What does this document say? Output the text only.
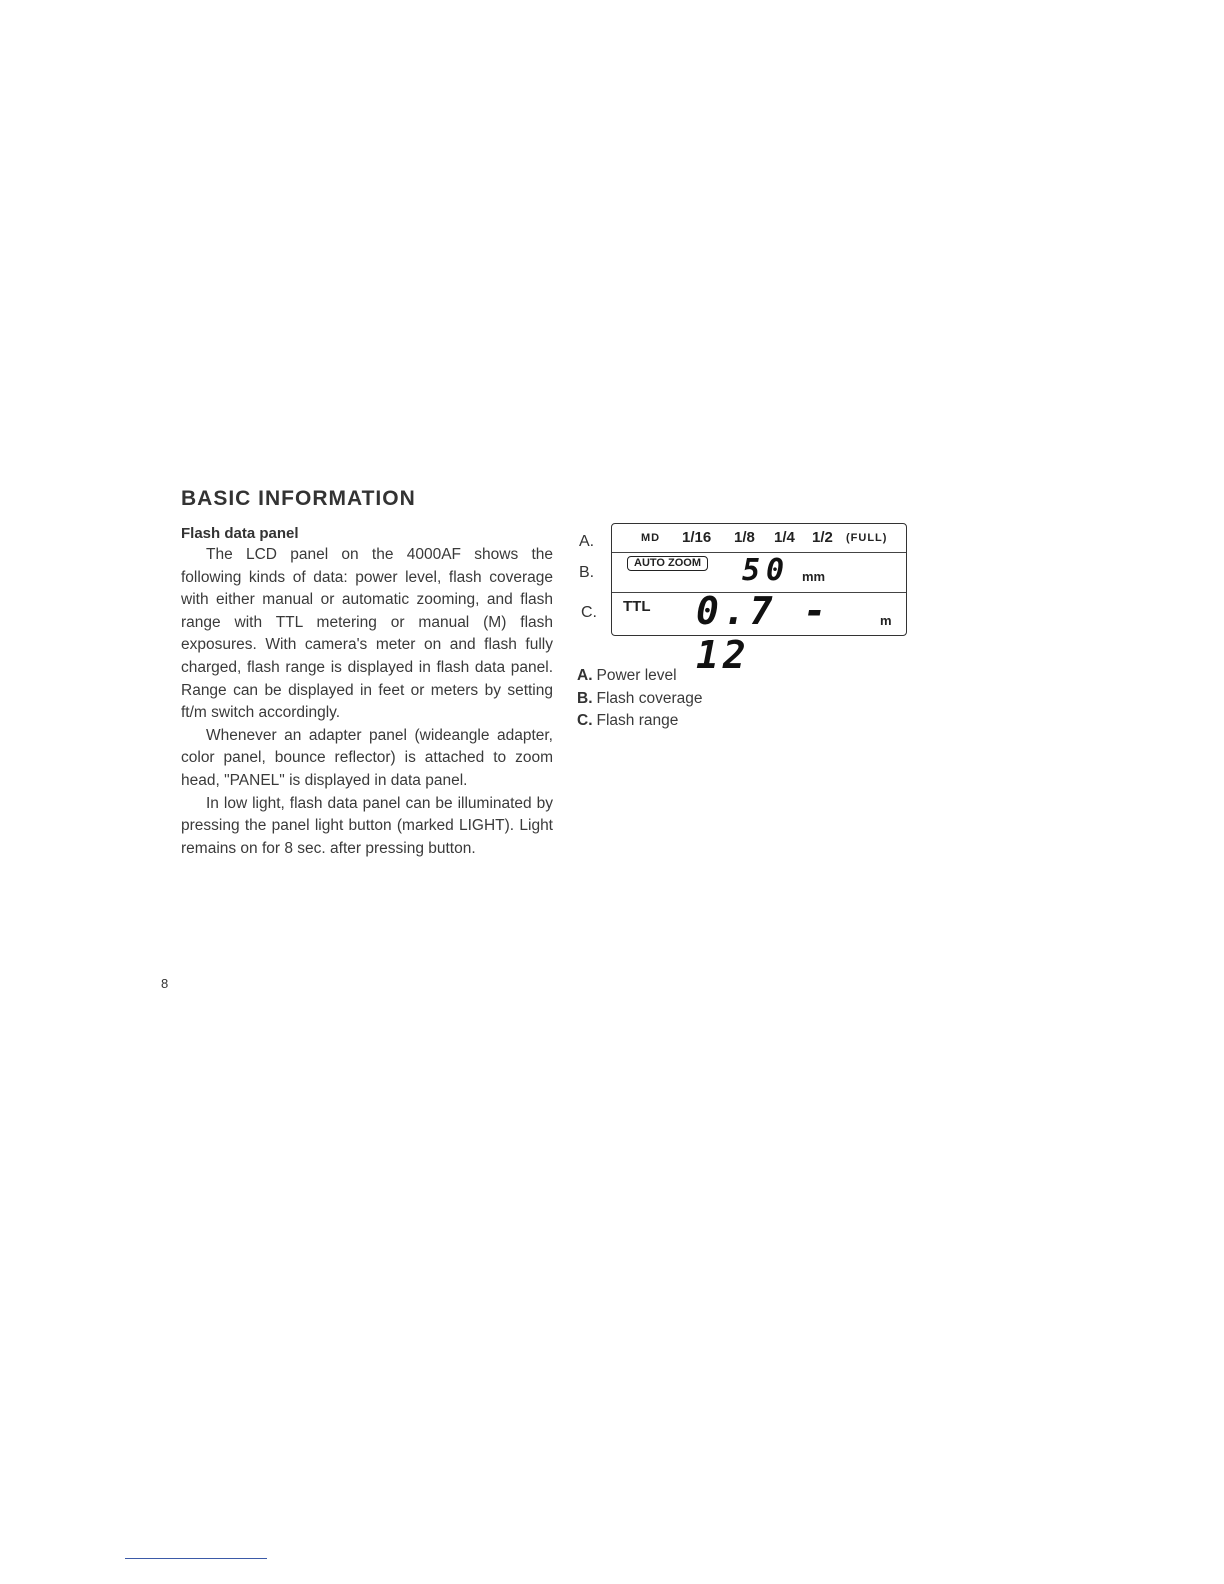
BASIC INFORMATION
Flash data panel

The LCD panel on the 4000AF shows the following kinds of data: power level, flash coverage with either manual or automatic zooming, and flash range with TTL metering or manual (M) flash exposures. With camera's meter on and flash fully charged, flash range is displayed in flash data panel. Range can be displayed in feet or meters by setting ft/m switch accordingly.

Whenever an adapter panel (wideangle adapter, color panel, bounce reflector) is attached to zoom head, "PANEL" is displayed in data panel.

In low light, flash data panel can be illuminated by pressing the panel light button (marked LIGHT). Light remains on for 8 sec. after pressing button.

A.
B.
C.
MD 1/16 1/8 1/4 1/2 (FULL)
AUTO ZOOM 50 mm
TTL 0.7 - 12
m
A. Power level
B. Flash coverage
C. Flash range
8
